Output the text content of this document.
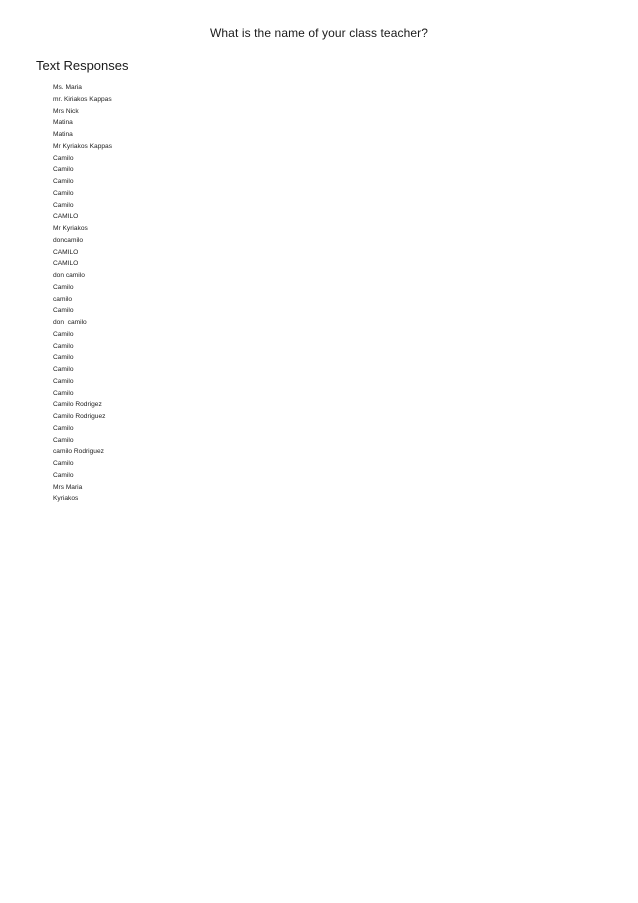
What is the name of your class teacher?
Text Responses
Ms. Maria
mr. Kiriakos Kappas
Mrs Nick
Matina
Matina
Mr Kyriakos Kappas
Camilo
Camilo
Camilo
Camilo
Camilo
CAMILO
Mr Kyriakos
doncamilo
CAMILO
CAMILO
don camilo
Camilo
camilo
Camilo
don  camilo
Camilo
Camilo
Camilo
Camilo
Camilo
Camilo
Camilo Rodrigez
Camilo Rodriguez
Camilo
Camilo
camilo Rodriguez
Camilo
Camilo
Mrs Maria
Kyriakos
